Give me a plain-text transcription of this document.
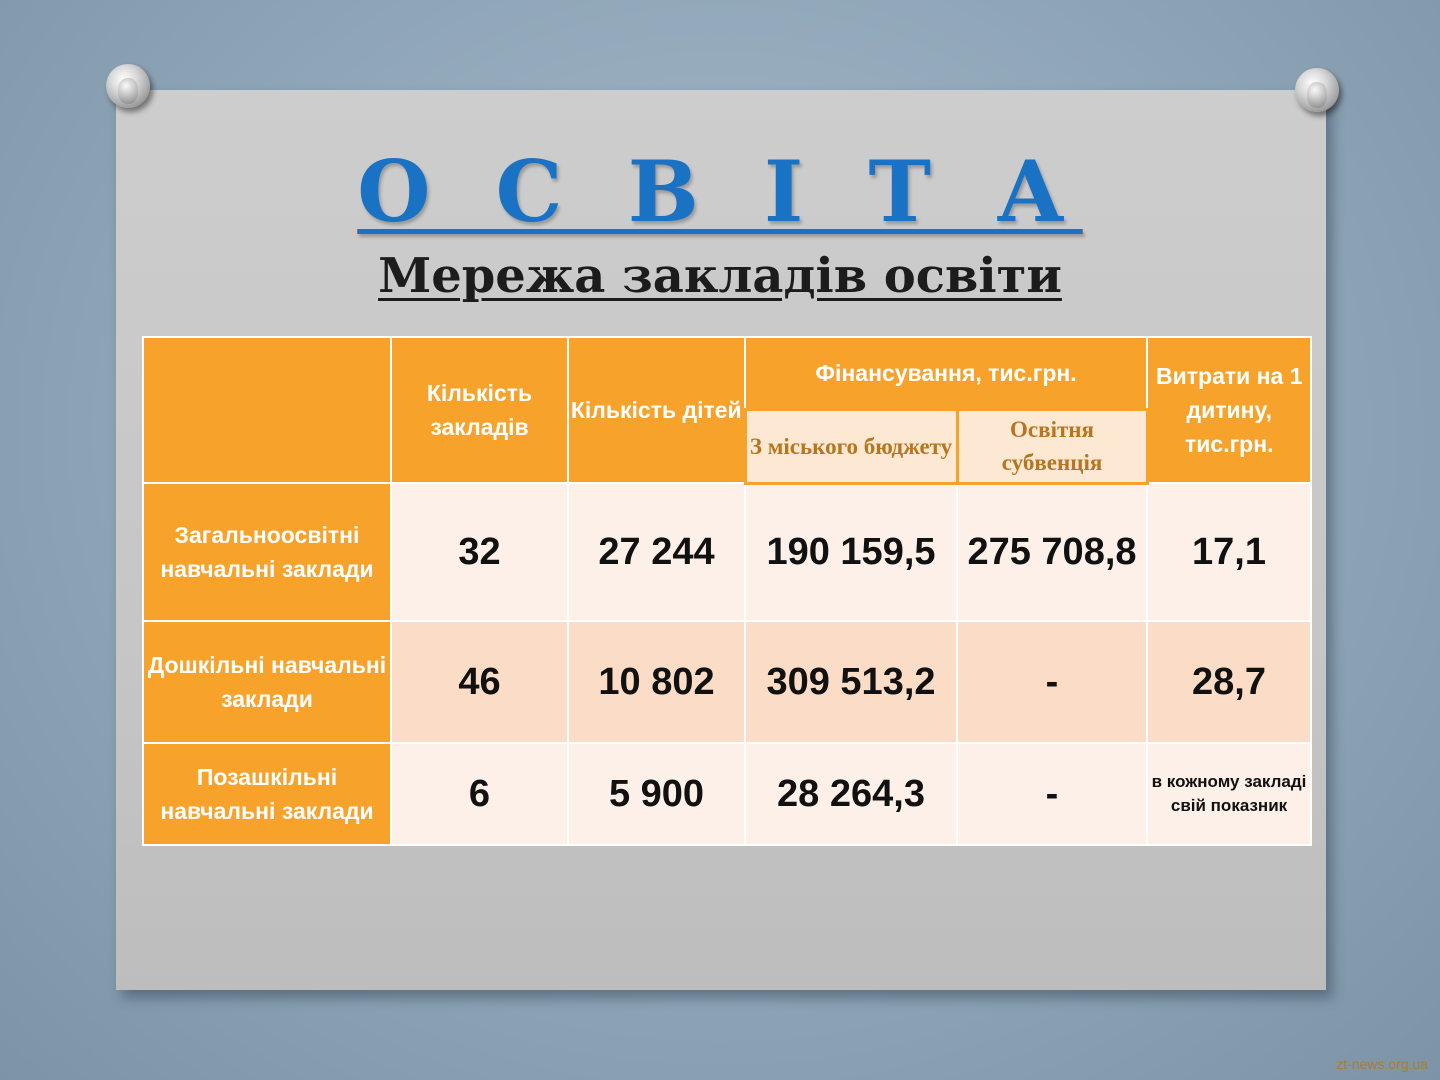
О С В І Т А
Мережа закладів освіти
	Кількість закладів	Кількість дітей	Фінансування, тис.грн.		Витрати на 1 дитину, тис.грн.
			З міського бюджету	Освітня субвенція	
Загальноосвітні навчальні заклади	32	27 244	190 159,5	275 708,8	17,1
Дошкільні навчальні заклади	46	10 802	309 513,2	-	28,7
Позашкільні навчальні заклади	6	5 900	28 264,3	-	в кожному закладі свій показник
zt-news.org.ua
